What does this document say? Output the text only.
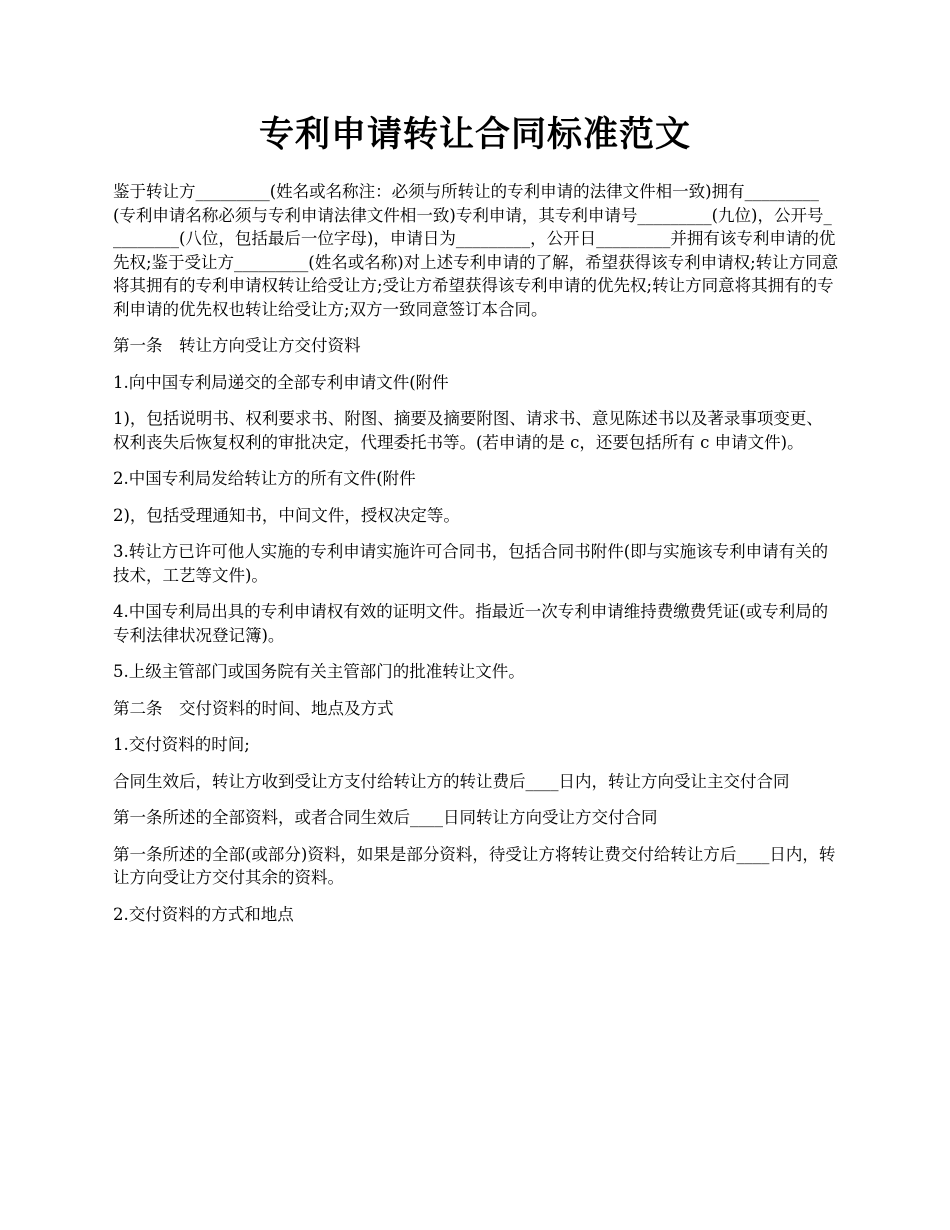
专利申请转让合同标准范文

鉴于转让方_________(姓名或名称注：必须与所转让的专利申请的法律文件相一致)拥有_________(专利申请名称必须与专利申请法律文件相一致)专利申请，其专利申请号_________(九位)，公开号_________(八位，包括最后一位字母)，申请日为_________，公开日_________并拥有该专利申请的优先权;鉴于受让方_________(姓名或名称)对上述专利申请的了解，希望获得该专利申请权;转让方同意将其拥有的专利申请权转让给受让方;受让方希望获得该专利申请的优先权;转让方同意将其拥有的专利申请的优先权也转让给受让方;双方一致同意签订本合同。

第一条　转让方向受让方交付资料

1.向中国专利局递交的全部专利申请文件(附件

1)，包括说明书、权利要求书、附图、摘要及摘要附图、请求书、意见陈述书以及著录事项变更、权利丧失后恢复权利的审批决定，代理委托书等。(若申请的是 c，还要包括所有 c 申请文件)。

2.中国专利局发给转让方的所有文件(附件

2)，包括受理通知书，中间文件，授权决定等。

3.转让方已许可他人实施的专利申请实施许可合同书，包括合同书附件(即与实施该专利申请有关的技术，工艺等文件)。

4.中国专利局出具的专利申请权有效的证明文件。指最近一次专利申请维持费缴费凭证(或专利局的专利法律状况登记簿)。

5.上级主管部门或国务院有关主管部门的批准转让文件。

第二条　交付资料的时间、地点及方式

1.交付资料的时间;

合同生效后，转让方收到受让方支付给转让方的转让费后____日内，转让方向受让主交付合同

第一条所述的全部资料，或者合同生效后____日同转让方向受让方交付合同

第一条所述的全部(或部分)资料，如果是部分资料，待受让方将转让费交付给转让方后____日内，转让方向受让方交付其余的资料。

2.交付资料的方式和地点
